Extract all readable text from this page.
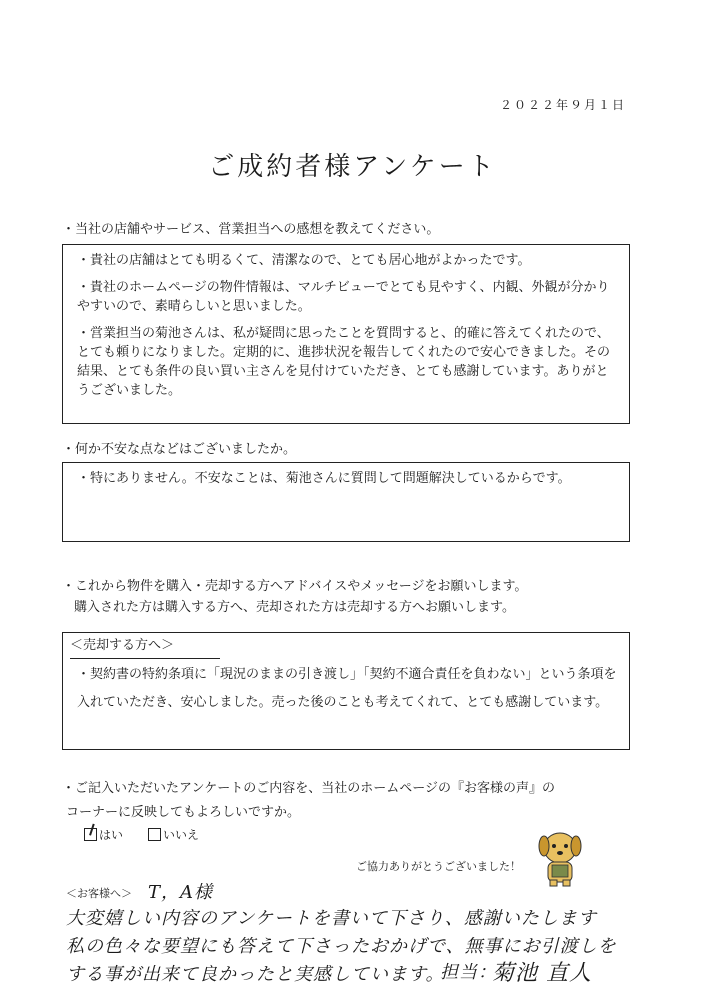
２０２２年９月１日
ご成約者様アンケート
・当社の店舗やサービス、営業担当への感想を教えてください。

・貴社の店舗はとても明るくて、清潔なので、とても居心地がよかったです。

・貴社のホームページの物件情報は、マルチビューでとても見やすく、内観、外観が分かりやすいので、素晴らしいと思いました。

・営業担当の菊池さんは、私が疑問に思ったことを質問すると、的確に答えてくれたので、とても頼りになりました。定期的に、進捗状況を報告してくれたので安心できました。その結果、とても条件の良い買い主さんを見付けていただき、とても感謝しています。ありがとうございました。

・何か不安な点などはございましたか。

・特にありません。不安なことは、菊池さんに質問して問題解決しているからです。

・これから物件を購入・売却する方へアドバイスやメッセージをお願いします。
購入された方は購入する方へ、売却された方は売却する方へお願いします。

・契約書の特約条項に「現況のままの引き渡し」「契約不適合責任を負わない」という条項を入れていただき、安心しました。売った後のことも考えてくれて、とても感謝しています。

＜売却する方へ＞
・ご記入いただいたアンケートのご内容を、当社のホームページの『お客様の声』の
コーナーに反映してもよろしいですか。
はい	いいえ
ご協力ありがとうございました！
＜お客様へ＞ T，A様
大変嬉しい内容のアンケートを書いて下さり、感謝いたします
私の色々な要望にも答えて下さったおかげで、無事にお引渡しを
する事が出来て良かったと実感しています。
担当：
菊池 直人
